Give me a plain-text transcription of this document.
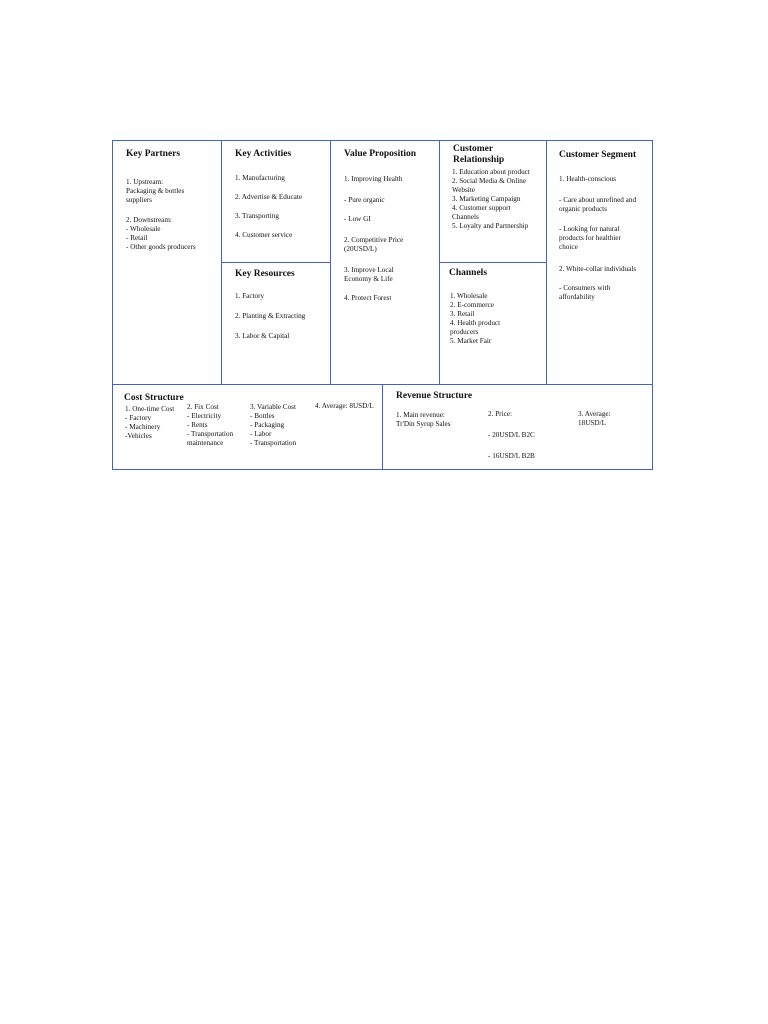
Key Partners
1. Upstream:
Packaging & bottles
suppliers
2. Downstream:
- Wholesale
- Retail
- Other goods producers
Key Activities
1. Manufacturing
2. Advertise & Educate
3. Transporting
4. Customer service
Key Resources
1. Factory
2. Planting & Extracting
3. Labor & Capital
Value Proposition
1. Improving Health
- Pure organic
- Low GI
2. Competitive Price
(20USD/L)
3. Improve Local
Economy & Life
4. Protect Forest
Customer
Relationship
1. Education about product
2. Social Media & Online
Website
3. Marketing Campaign
4. Customer support
Channels
5. Loyalty and Partnership
Channels
1. Wholesale
2. E-commerce
3. Retail
4. Health product
producers
5. Market Fair
Customer Segment
1. Health-conscious
- Care about unrefined and
organic products
- Looking for natural
products for healthier
choice
2. White-collar individuals
- Consumers with
affordability
Cost Structure
1. One-time Cost
- Factory
- Machinery
-Vehicles
2. Fix Cost
- Electricity
- Rents
- Transportation
maintenance
3. Variable Cost
- Bottles
- Packaging
- Labor
- Transportation
4. Average: 8USD/L
Revenue Structure
1. Main revenue:
Tr'Din Syrup Sales
2. Price:
- 20USD/L B2C
- 16USD/L B2B
3. Average:
18USD/L
